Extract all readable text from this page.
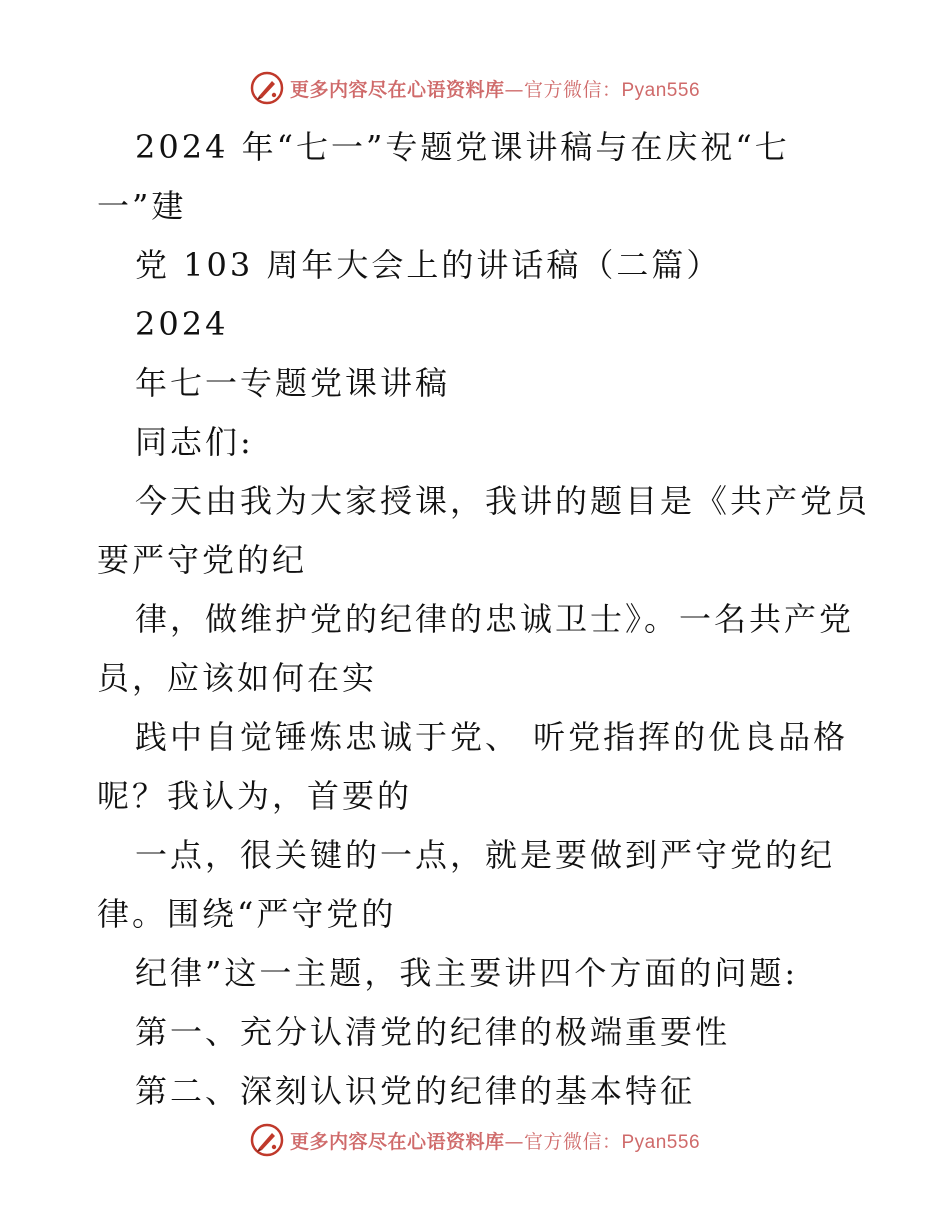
更多内容尽在心语资料库—官方微信：Pyan556
2024 年“七一”专题党课讲稿与在庆祝“七
一”建
党 103 周年大会上的讲话稿（二篇）
2024
年七一专题党课讲稿
同志们:
今天由我为大家授课，我讲的题目是《共产党员
要严守党的纪
律，做维护党的纪律的忠诚卫士》。一名共产党
员，应该如何在实
践中自觉锤炼忠诚于党、 听党指挥的优良品格
呢？我认为，首要的
一点，很关键的一点，就是要做到严守党的纪
律。围绕“严守党的
纪律”这一主题，我主要讲四个方面的问题:
第一、充分认清党的纪律的极端重要性
第二、深刻认识党的纪律的基本特征
更多内容尽在心语资料库—官方微信：Pyan556
